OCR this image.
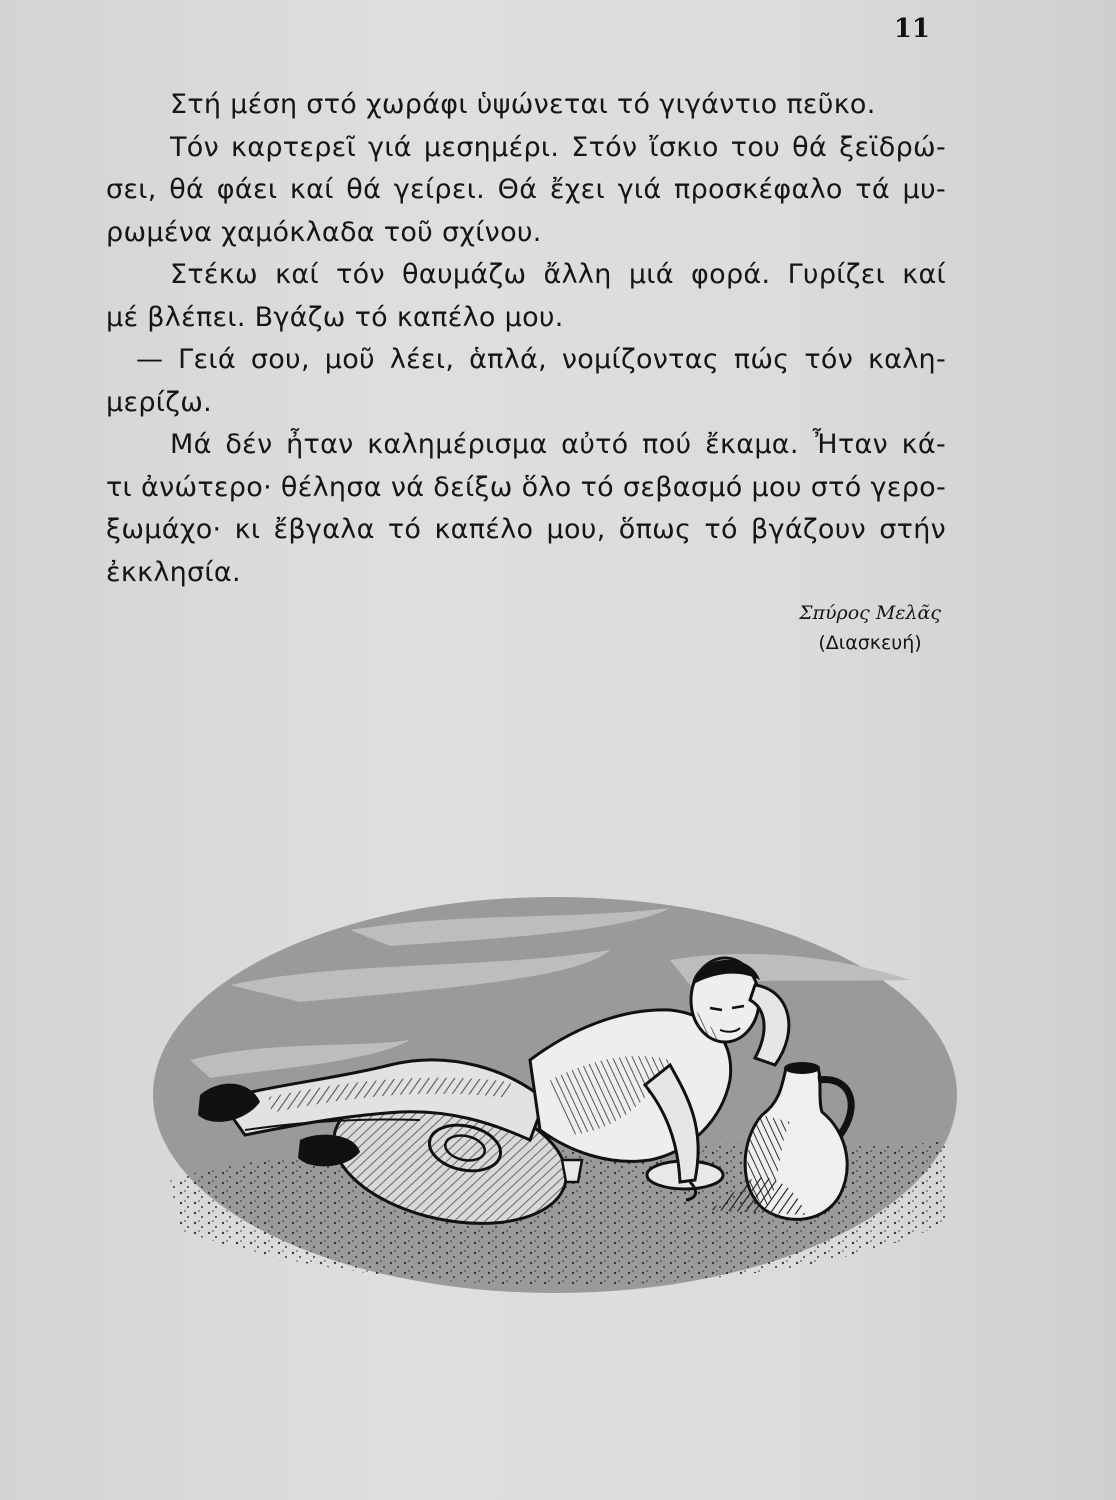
11
Στή μέση στό χωράφι ὑψώνεται τό γιγάντιο πεῦκο.
Τόν καρτερεῖ γιά μεσημέρι. Στόν ἴσκιο του θά ξεϊδρώ-
σει, θά φάει καί θά γείρει. Θά ἔχει γιά προσκέφαλο τά μυ-
ρωμένα χαμόκλαδα τοῦ σχίνου.
Στέκω καί τόν θαυμάζω ἄλλη μιά φορά. Γυρίζει καί
μέ βλέπει. Βγάζω τό καπέλο μου.
— Γειά σου, μοῦ λέει, ἁπλά, νομίζοντας πώς τόν καλη-
μερίζω.
Μά δέν ἦταν καλημέρισμα αὐτό πού ἔκαμα. Ἦταν κά-
τι ἀνώτερο· θέλησα νά δείξω ὅλο τό σεβασμό μου στό γερο-
ξωμάχο· κι ἔβγαλα τό καπέλο μου, ὅπως τό βγάζουν στήν
ἐκκλησία.
Σπύρος Μελᾶς
(Διασκευή)
